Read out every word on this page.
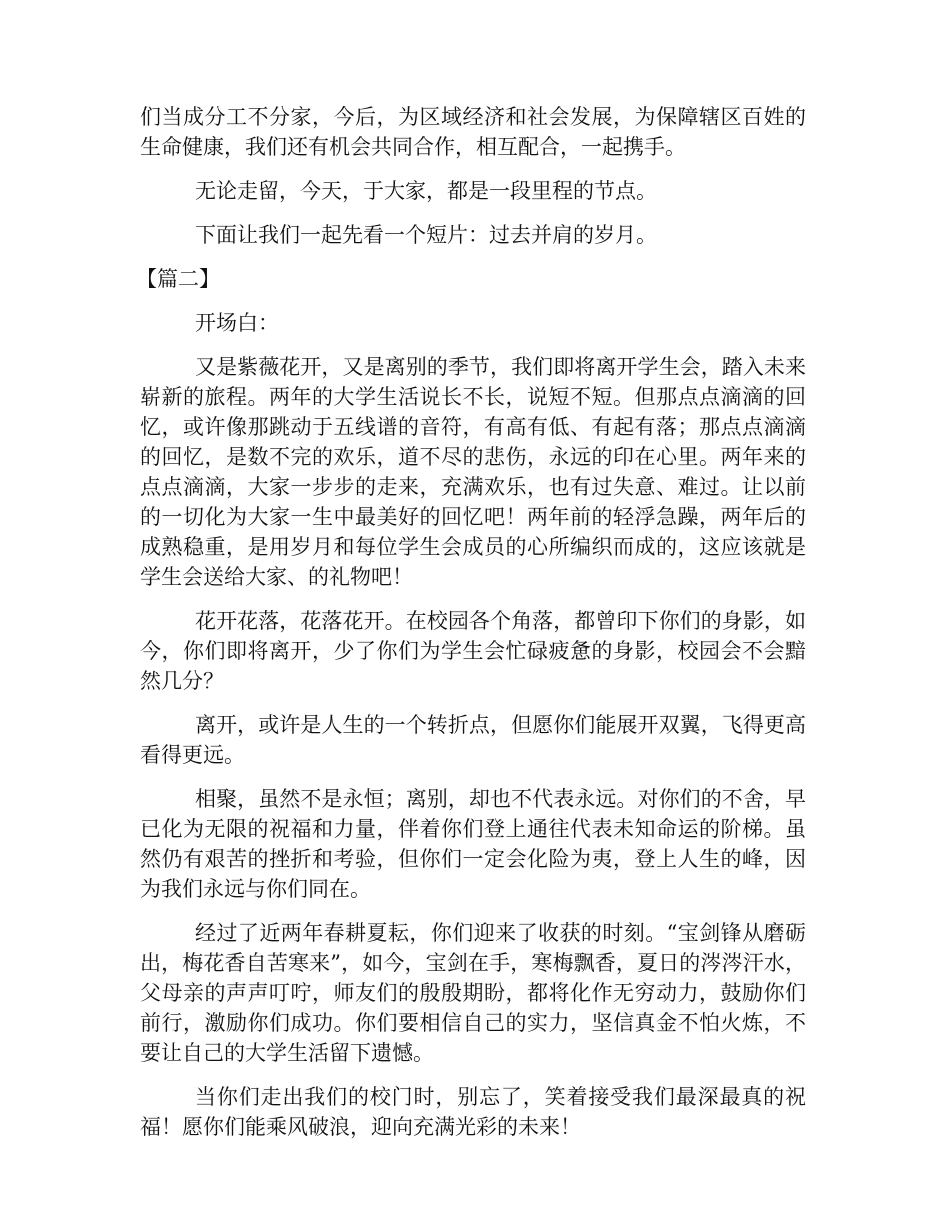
们当成分工不分家，今后，为区域经济和社会发展，为保障辖区百姓的生命健康，我们还有机会共同合作，相互配合，一起携手。

无论走留，今天，于大家，都是一段里程的节点。

下面让我们一起先看一个短片：过去并肩的岁月。

【篇二】

开场白：

又是紫薇花开，又是离别的季节，我们即将离开学生会，踏入未来崭新的旅程。两年的大学生活说长不长，说短不短。但那点点滴滴的回忆，或许像那跳动于五线谱的音符，有高有低、有起有落；那点点滴滴的回忆，是数不完的欢乐，道不尽的悲伤，永远的印在心里。两年来的点点滴滴，大家一步步的走来，充满欢乐，也有过失意、难过。让以前的一切化为大家一生中最美好的回忆吧！两年前的轻浮急躁，两年后的成熟稳重，是用岁月和每位学生会成员的心所编织而成的，这应该就是学生会送给大家、的礼物吧！

花开花落，花落花开。在校园各个角落，都曾印下你们的身影，如今，你们即将离开，少了你们为学生会忙碌疲惫的身影，校园会不会黯然几分？

离开，或许是人生的一个转折点，但愿你们能展开双翼，飞得更高看得更远。

相聚，虽然不是永恒；离别，却也不代表永远。对你们的不舍，早已化为无限的祝福和力量，伴着你们登上通往代表未知命运的阶梯。虽然仍有艰苦的挫折和考验，但你们一定会化险为夷，登上人生的峰，因为我们永远与你们同在。

经过了近两年春耕夏耘，你们迎来了收获的时刻。“宝剑锋从磨砺出，梅花香自苦寒来”，如今，宝剑在手，寒梅飘香，夏日的涔涔汗水，父母亲的声声叮咛，师友们的殷殷期盼，都将化作无穷动力，鼓励你们前行，激励你们成功。你们要相信自己的实力，坚信真金不怕火炼，不要让自己的大学生活留下遗憾。

当你们走出我们的校门时，别忘了，笑着接受我们最深最真的祝福！愿你们能乘风破浪，迎向充满光彩的未来！
